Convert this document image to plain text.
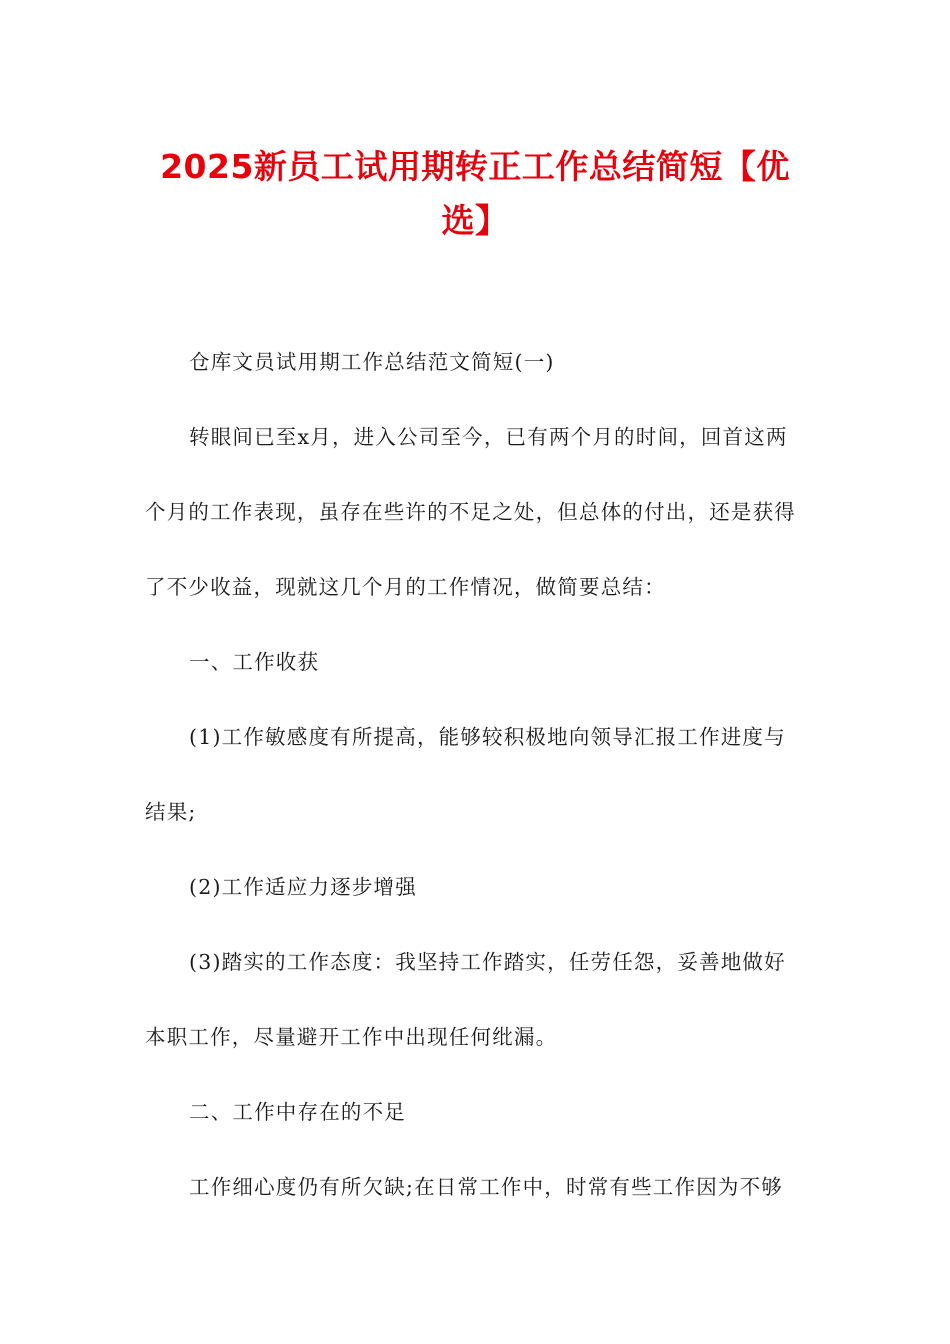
2025新员工试用期转正工作总结简短【优选】

仓库文员试用期工作总结范文简短(一)

转眼间已至x月，进入公司至今，已有两个月的时间，回首这两个月的工作表现，虽存在些许的不足之处，但总体的付出，还是获得了不少收益，现就这几个月的工作情况，做简要总结：

一、工作收获

(1)工作敏感度有所提高，能够较积极地向领导汇报工作进度与结果;

(2)工作适应力逐步增强

(3)踏实的工作态度：我坚持工作踏实，任劳任怨，妥善地做好本职工作，尽量避开工作中出现任何纰漏。

二、工作中存在的不足

工作细心度仍有所欠缺;在日常工作中，时常有些工作因为不够
